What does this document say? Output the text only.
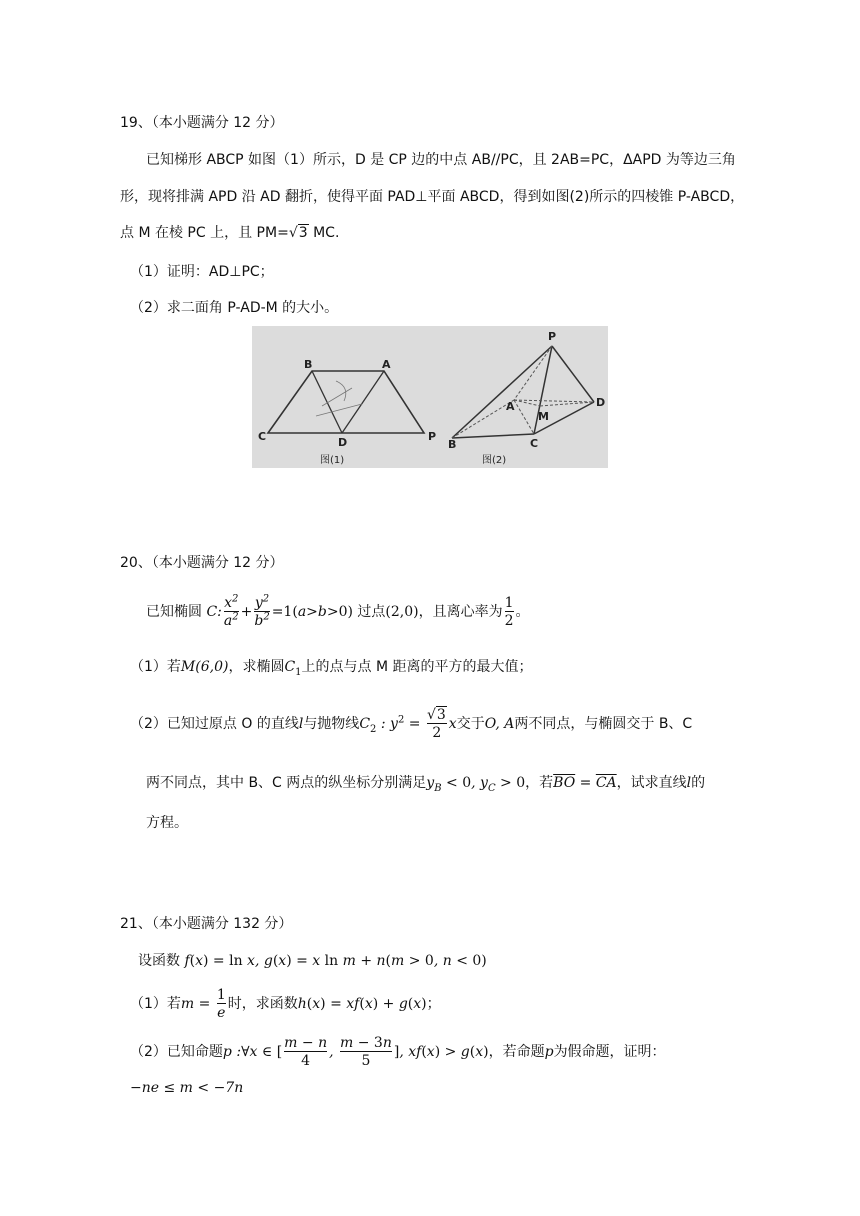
19、（本小题满分 12 分）
已知梯形 ABCP 如图（1）所示，D 是 CP 边的中点 AB//PC，且 2AB=PC，ΔAPD 为等边三角
形，现将排满 APD 沿 AD 翻折，使得平面 PAD⊥平面 ABCD，得到如图(2)所示的四棱锥 P-ABCD，
点 M 在棱 PC 上，且 PM=√3 MC.
（1）证明：AD⊥PC；
（2）求二面角 P-AD-M 的大小。
B	A
C	D	P
图(1)
P
A
M
D
B	C
图(2)
20、（本小题满分 12 分）
已知椭圆 C: $\frac{x^2}{a^2} + \frac{y^2}{b^2} =1(a>b>0)$ 过点(2,0)，且离心率为 $\frac{1}{2}$ 。
（1）若M(6,0)，求椭圆$C_1$上的点与点 M 距离的平方的最大值；
（2）已知过原点 O 的直线l与抛物线$C_2$ : $y^2 = \frac{√3}{2}$ x交于O, A两不同点，与椭圆交于 B、C
两不同点，其中 B、C 两点的纵坐标分别满足$y_B < 0$, $y_C > 0$，若$\overline{BO} = \overline{CA}$，试求直线l的
方程。
21、（本小题满分 132 分）
设函数 f(x) = ln x, g(x) = x ln m + n(m > 0, n < 0)
（1）若$m = \frac{1}{e}$ 时，求函数h(x) = xf(x) + g(x)；
（2）已知命题p :∀x ∈ [ $\frac{m - n}{4}$ , $\frac{m - 3n}{5}$ ], xf(x) > g(x)，若命题p为假命题，证明：
−ne ≤ m < −7n
